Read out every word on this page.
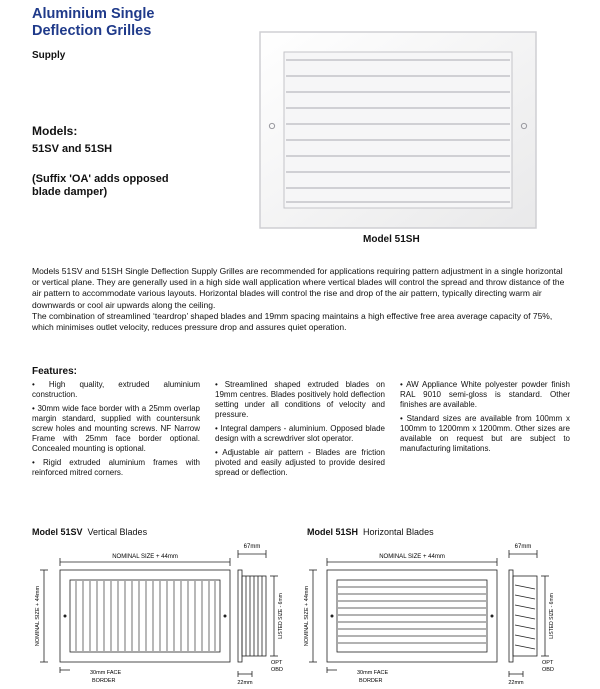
Aluminium Single
Deflection Grilles
Supply
Models:
51SV and 51SH
(Suffix 'OA' adds opposed
blade damper)
Model 51SH

Models 51SV and 51SH Single Deflection Supply Grilles are recommended for applications requiring pattern adjustment in a single horizontal or vertical plane. They are generally used in a high side wall application where vertical blades will control the spread and throw distance of the air pattern to accommodate various layouts. Horizontal blades will control the rise and drop of the air pattern, typically directing warm air downwards or cool air upwards along the ceiling.

The combination of streamlined ‘teardrop’ shaped blades and 19mm spacing maintains a high effective free area average capacity of 75%, which minimises outlet velocity, reduces pressure drop and assures quiet operation.

Features:

• High quality, extruded aluminium construction.

• 30mm wide face border with a 25mm overlap margin standard, supplied with countersunk screw holes and mounting screws. NF Narrow Frame with 25mm face border optional. Concealed mounting is optional.

• Rigid extruded aluminium frames with reinforced mitred corners.

• Streamlined shaped extruded blades on 19mm centres. Blades positively hold deflection setting under all conditions of velocity and pressure.

• Integral dampers - aluminium. Opposed blade design with a screwdriver slot operator.

• Adjustable air pattern - Blades are friction pivoted and easily adjusted to provide desired spread or deflection.

• AW Appliance White polyester powder finish RAL 9010 semi-gloss is standard. Other finishes are available.

• Standard sizes are available from 100mm x 100mm to 1200mm x 1200mm. Other sizes are available on request but are subject to manufacturing limitations.

Model 51SV Vertical Blades	Model 51SH Horizontal Blades
NOMINAL SIZE + 44mm
NOMINAL SIZE + 44mm
30mm FACE
BORDER
67mm
LISTED SIZE - 6mm
22mm
OPT
OBD
NOMINAL SIZE + 44mm
NOMINAL SIZE + 44mm
30mm FACE
BORDER
67mm
LISTED SIZE - 6mm
22mm
OPT
OBD
